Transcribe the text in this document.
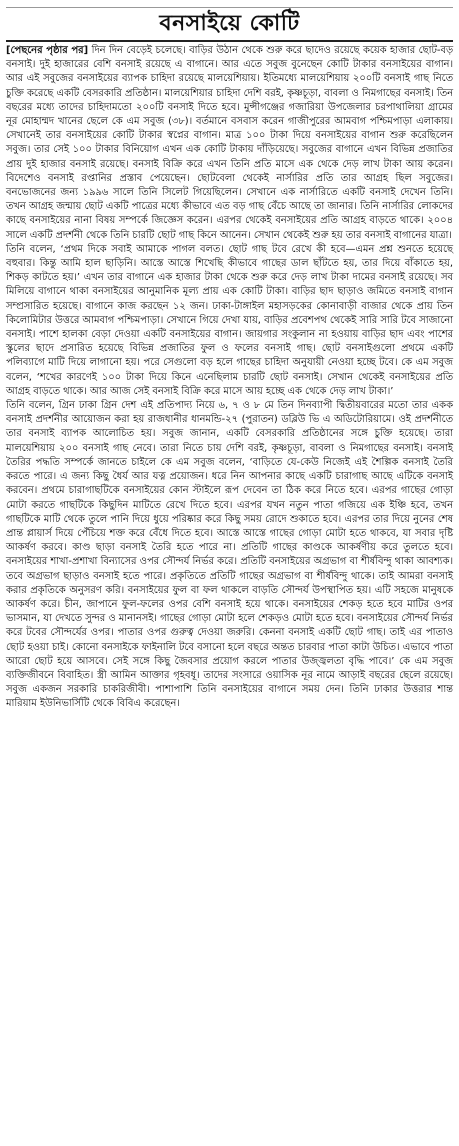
বনসাইয়ে কোটি

[পেছনের পৃষ্ঠার পর] দিন দিন বেড়েই চলেছে। বাড়ির উঠান থেকে শুরু করে ছাদেও রয়েছে কয়েক হাজার ছোট-বড় বনসাই। দুই হাজারের বেশি বনসাই রয়েছে এ বাগানে। আর এতে সবুজ বুনেছেন কোটি টাকার বনসাইয়ের বাগান। আর এই সবুজের বনসাইয়ের ব্যাপক চাহিদা রয়েছে মালয়েশিয়ায়। ইতিমধ্যে মালয়েশিয়ায় ২০০টি বনসাই গাছ নিতে চুক্তি করেছে একটি বেসরকারি প্রতিষ্ঠান। মালয়েশিয়ার চাহিদা দেশি বরই, কৃষ্ণচূড়া, বাবলা ও নিমগাছের বনসাই। তিন বছরের মধ্যে তাদের চাহিদামতো ২০০টি বনসাই দিতে হবে। মুন্সীগঞ্জের গজারিয়া উপজেলার চরপাথালিয়া গ্রামের নূর মোহাম্মদ খানের ছেলে কে এম সবুজ (৩৮)। বর্তমানে বসবাস করেন গাজীপুরের আমবাগ পশ্চিমপাড়া এলাকায়। সেখানেই তার বনসাইয়ের কোটি টাকার স্বপ্নের বাগান। মাত্র ১০০ টাকা দিয়ে বনসাইয়ের বাগান শুরু করেছিলেন সবুজ। তার সেই ১০০ টাকার বিনিয়োগ এখন এক কোটি টাকায় দাঁড়িয়েছে। সবুজের বাগানে এখন বিভিন্ন প্রজাতির প্রায় দুই হাজার বনসাই রয়েছে। বনসাই বিক্রি করে এখন তিনি প্রতি মাসে এক থেকে দেড় লাখ টাকা আয় করেন। বিদেশেও বনসাই রপ্তানির প্রস্তাব পেয়েছেন। ছোটবেলা থেকেই নার্সারির প্রতি তার আগ্রহ ছিল সবুজের। বনভোজনের জন্য ১৯৯৬ সালে তিনি সিলেট গিয়েছিলেন। সেখানে এক নার্সারিতে একটি বনসাই দেখেন তিনি। তখন আগ্রহ জন্মায় ছোট একটি পাত্রের মধ্যে কীভাবে এত বড় গাছ বেঁচে আছে তা জানার। তিনি নার্সারির লোকদের কাছে বনসাইয়ের নানা বিষয় সম্পর্কে জিজ্ঞেস করেন। এরপর থেকেই বনসাইয়ের প্রতি আগ্রহ বাড়তে থাকে। ২০০৪ সালে একটি প্রদর্শনী থেকে তিনি চারটি ছোট গাছ কিনে আনেন। সেখান থেকেই শুরু হয় তার বনসাই বাগানের যাত্রা।

তিনি বলেন, ‘প্রথম দিকে সবাই আমাকে পাগল বলত। ছোট গাছ টবে রেখে কী হবে—এমন প্রশ্ন শুনতে হয়েছে বহুবার। কিন্তু আমি হাল ছাড়িনি। আস্তে আস্তে শিখেছি কীভাবে গাছের ডাল ছাঁটতে হয়, তার দিয়ে বাঁকাতে হয়, শিকড় কাটতে হয়।’ এখন তার বাগানে এক হাজার টাকা থেকে শুরু করে দেড় লাখ টাকা দামের বনসাই রয়েছে। সব মিলিয়ে বাগানে থাকা বনসাইয়ের আনুমানিক মূল্য প্রায় এক কোটি টাকা। বাড়ির ছাদ ছাড়াও জমিতে বনসাই বাগান সম্প্রসারিত হয়েছে। বাগানে কাজ করছেন ১২ জন। ঢাকা-টাঙ্গাইল মহাসড়কের কোনাবাড়ী বাজার থেকে প্রায় তিন কিলোমিটার উত্তরে আমবাগ পশ্চিমপাড়া। সেখানে গিয়ে দেখা যায়, বাড়ির প্রবেশপথ থেকেই সারি সারি টবে সাজানো বনসাই। পাশে হালকা বেড়া দেওয়া একটি বনসাইয়ের বাগান। জায়গার সংকুলান না হওয়ায় বাড়ির ছাদ এবং পাশের স্কুলের ছাদে প্রসারিত হয়েছে বিভিন্ন প্রজাতির ফুল ও ফলের বনসাই গাছ। ছোট বনসাইগুলো প্রথমে একটি পলিব্যাগে মাটি দিয়ে লাগানো হয়। পরে সেগুলো বড় হলে গাছের চাহিদা অনুযায়ী নেওয়া হচ্ছে টবে। কে এম সবুজ বলেন, ‘শখের কারণেই ১০০ টাকা দিয়ে কিনে এনেছিলাম চারটি ছোট বনসাই। সেখান থেকেই বনসাইয়ের প্রতি আগ্রহ বাড়তে থাকে। আর আজ সেই বনসাই বিক্রি করে মাসে আয় হচ্ছে এক থেকে দেড় লাখ টাকা।’

তিনি বলেন, গ্রিন ঢাকা গ্রিন দেশ এই প্রতিপাদ্য নিয়ে ৬, ৭ ও ৮ মে তিন দিনব্যাপী দ্বিতীয়বারের মতো তার একক বনসাই প্রদর্শনীর আয়োজন করা হয় রাজধানীর ধানমন্ডি-২৭ (পুরাতন) ডব্লিউ ভি এ অডিটোরিয়ামে। ওই প্রদর্শনীতে তার বনসাই ব্যাপক আলোচিত হয়। সবুজ জানান, একটি বেসরকারি প্রতিষ্ঠানের সঙ্গে চুক্তি হয়েছে। তারা মালয়েশিয়ায় ২০০ বনসাই গাছ নেবে। তারা নিতে চায় দেশি বরই, কৃষ্ণচূড়া, বাবলা ও নিমগাছের বনসাই। বনসাই তৈরির পদ্ধতি সম্পর্কে জানতে চাইলে কে এম সবুজ বলেন, ‘বাড়িতে যে-কেউ নিজেই এই শৈল্পিক বনসাই তৈরি করতে পারে। এ জন্য কিছু ধৈর্য আর যত্ন প্রয়োজন। ধরে নিন আপনার কাছে একটি চারাগাছ আছে এটিকে বনসাই করবেন। প্রথমে চারাগাছটিকে বনসাইয়ের কোন স্টাইলে রূপ দেবেন তা ঠিক করে নিতে হবে। এরপর গাছের গোড়া মোটা করতে গাছটিকে কিছুদিন মাটিতে রেখে দিতে হবে। এরপর যখন নতুন পাতা গজিয়ে এক ইঞ্চি হবে, তখন গাছটিকে মাটি থেকে তুলে পানি দিয়ে ধুয়ে পরিষ্কার করে কিছু সময় রোদে শুকাতে হবে। এরপর তার দিয়ে নুনের শেষ প্রান্ত প্লায়ার্স দিয়ে পেঁচিয়ে শক্ত করে বেঁধে দিতে হবে। আস্তে আস্তে গাছের গোড়া মোটা হতে থাকবে, যা সবার দৃষ্টি আকর্ষণ করবে। কাণ্ড ছাড়া বনসাই তৈরি হতে পারে না। প্রতিটি গাছের কাণ্ডকে আকর্ষণীয় করে তুলতে হবে। বনসাইয়ের শাখা-প্রশাখা বিন্যাসের ওপর সৌন্দর্য নির্ভর করে। প্রতিটি বনসাইয়ের অগ্রভাগ বা শীর্ষবিন্দু থাকা আবশ্যক। তবে অগ্রভাগ ছাড়াও বনসাই হতে পারে। প্রকৃতিতে প্রতিটি গাছের অগ্রভাগ বা শীর্ষবিন্দু থাকে। তাই আমরা বনসাই করার প্রকৃতিকে অনুসরণ করি। বনসাইয়ের ফুল বা ফল থাকলে বাড়তি সৌন্দর্য উপস্থাপিত হয়। এটি সহজে মানুষকে আকর্ষণ করে। চীন, জাপানে ফুল-ফলের ওপর বেশি বনসাই হয়ে থাকে। বনসাইয়ের শেকড় হতে হবে মাটির ওপর ভাসমান, যা দেখতে সুন্দর ও মানানসই। গাছের গোড়া মোটা হলে শেকড়ও মোটা হতে হবে। বনসাইয়ের সৌন্দর্য নির্ভর করে টবের সৌন্দর্যের ওপর। পাতার ওপর গুরুত্ব দেওয়া জরুরি। কেননা বনসাই একটি ছোট গাছ। তাই এর পাতাও ছোট হওয়া চাই। কোনো বনসাইকে ফাইনালি টবে বসানো হলে বছরে অন্তত চারবার পাতা কাটা উচিত। এভাবে পাতা আরো ছোট হয়ে আসবে। সেই সঙ্গে কিছু জৈবসার প্রয়োগ করলে পাতার উজ্জ্বলতা বৃদ্ধি পাবে।’ কে এম সবুজ ব্যক্তিজীবনে বিবাহিত। স্ত্রী আমিন আক্তার গৃহবধূ। তাদের সংসারে ওয়াসিক নূর নামে আড়াই বছরের ছেলে রয়েছে। সবুজ একজন সরকারি চাকরিজীবী। পাশাপাশি তিনি বনসাইয়ের বাগানে সময় দেন। তিনি ঢাকার উত্তরার শান্ত মারিয়াম ইউনিভার্সিটি থেকে বিবিএ করেছেন।
